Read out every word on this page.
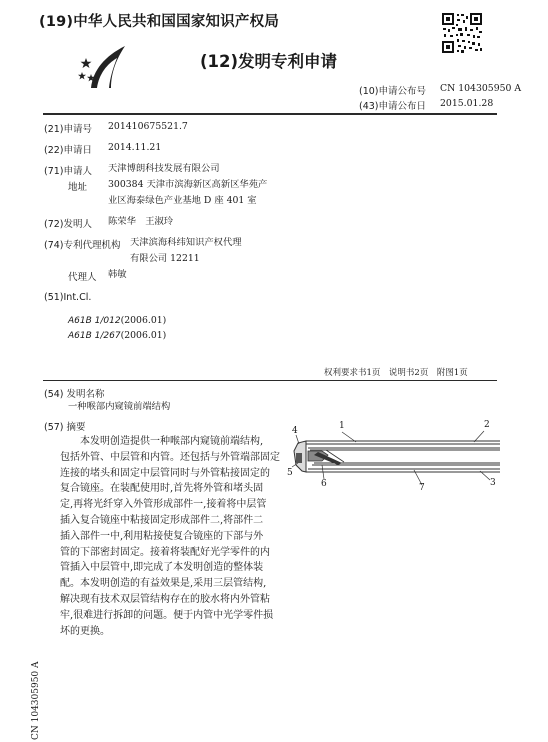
(19)中华人民共和国国家知识产权局
(12)发明专利申请
(10)申请公布号 CN 104305950 A
(43)申请公布日 2015.01.28
(21)申请号 201410675521.7
(22)申请日 2014.11.21
(71)申请人 天津博朗科技发展有限公司
地址 300384 天津市滨海新区高新区华苑产
业区海泰绿色产业基地 D 座 401 室
(72)发明人 陈荣华　王淑玲
(74)专利代理机构 天津滨海科纬知识产权代理
有限公司 12211
代理人 韩敏
(51)Int.Cl.
A61B 1/012(2006.01)
A61B 1/267(2006.01)
权利要求书1页　说明书2页　附图1页
(54) 发明名称
一种喉部内窥镜前端结构
(57) 摘要
本发明创造提供一种喉部内窥镜前端结构,
包括外管、中层管和内管。还包括与外管端部固定
连接的堵头和固定中层管同时与外管粘接固定的
复合镜座。在装配使用时,首先将外管和堵头固
定,再将光纤穿入外管形成部件一,接着将中层管
插入复合镜座中粘接固定形成部件二,将部件二
插入部件一中,利用粘接使复合镜座的下部与外
管的下部密封固定。接着将装配好光学零件的内
管插入中层管中,即完成了本发明创造的整体装
配。本发明创造的有益效果是,采用三层管结构,
解决现有技术双层管结构存在的胶水将内外管粘
牢,很难进行拆卸的问题。便于内管中光学零件损
坏的更换。
1	2
3
4
5
6	7
CN 104305950 A
